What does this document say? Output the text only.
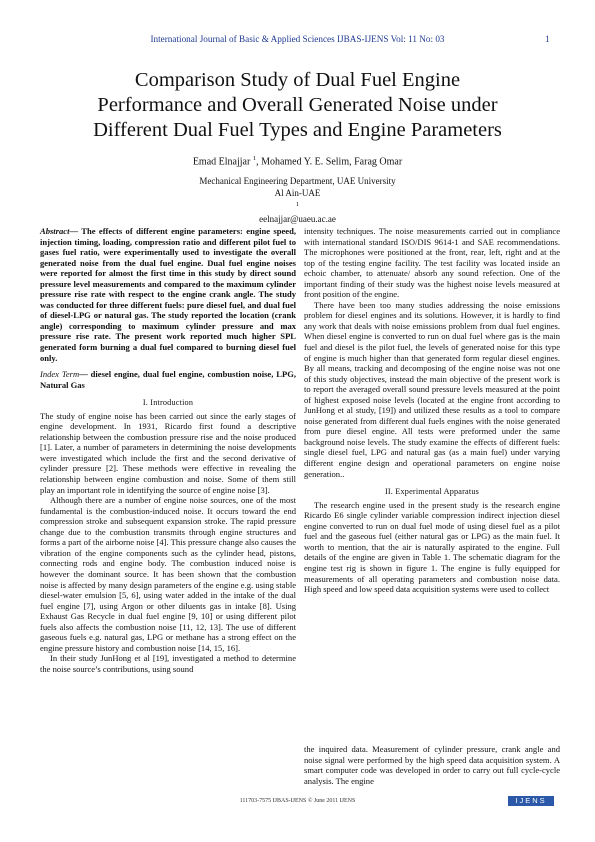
International Journal of Basic & Applied Sciences IJBAS-IJENS Vol: 11 No: 03	1
Comparison Study of Dual Fuel Engine
Performance and Overall Generated Noise under
Different Dual Fuel Types and Engine Parameters
Emad Elnajjar $^1$, Mohamed Y. E. Selim, Farag Omar
Mechanical Engineering Department, UAE University
Al Ain-UAE
$^1$
eelnajjar@uaeu.ac.ae

Abstract— The effects of different engine parameters: engine speed, injection timing, loading, compression ratio and different pilot fuel to gases fuel ratio, were experimentally used to investigate the overall generated noise from the dual fuel engine. Dual fuel engine noises were reported for almost the first time in this study by direct sound pressure level measurements and compared to the maximum cylinder pressure rise rate with respect to the engine crank angle. The study was conducted for three different fuels: pure diesel fuel, and dual fuel of diesel-LPG or natural gas. The study reported the location (crank angle) corresponding to maximum cylinder pressure and max pressure rise rate. The present work reported much higher SPL generated form burning a dual fuel compared to burning diesel fuel only.

Index Term— diesel engine, dual fuel engine, combustion noise, LPG, Natural Gas

I. Introduction

The study of engine noise has been carried out since the early stages of engine development. In 1931, Ricardo first found a descriptive relationship between the combustion pressure rise and the noise produced [1]. Later, a number of parameters in determining the noise developments were investigated which include the first and the second derivative of cylinder pressure [2]. These methods were effective in revealing the relationship between engine combustion and noise. Some of them still play an important role in identifying the source of engine noise [3].

Although there are a number of engine noise sources, one of the most fundamental is the combustion-induced noise. It occurs toward the end compression stroke and subsequent expansion stroke. The rapid pressure change due to the combustion transmits through engine structures and forms a part of the airborne noise [4]. This pressure change also causes the vibration of the engine components such as the cylinder head, pistons, connecting rods and engine body. The combustion induced noise is however the dominant source. It has been shown that the combustion noise is affected by many design parameters of the engine e.g. using stable diesel-water emulsion [5, 6], using water added in the intake of the dual fuel engine [7], using Argon or other diluents gas in intake [8]. Using Exhaust Gas Recycle in dual fuel engine [9, 10] or using different pilot fuels also affects the combustion noise [11, 12, 13]. The use of different gaseous fuels e.g. natural gas, LPG or methane has a strong effect on the engine pressure history and combustion noise [14, 15, 16].

In their study JunHong et al [19], investigated a method to determine the noise source’s contributions, using sound

intensity techniques. The noise measurements carried out in compliance with international standard ISO/DIS 9614-1 and SAE recommendations. The microphones were positioned at the front, rear, left, right and at the top of the testing engine facility. The test facility was located inside an echoic chamber, to attenuate/ absorb any sound refection. One of the important finding of their study was the highest noise levels measured at front position of the engine.

There have been too many studies addressing the noise emissions problem for diesel engines and its solutions. However, it is hardly to find any work that deals with noise emissions problem from dual fuel engines. When diesel engine is converted to run on dual fuel where gas is the main fuel and diesel is the pilot fuel, the levels of generated noise for this type of engine is much higher than that generated form regular diesel engines. By all means, tracking and decomposing of the engine noise was not one of this study objectives, instead the main objective of the present work is to report the averaged overall sound pressure levels measured at the point of highest exposed noise levels (located at the engine front according to JunHong et al study, [19]) and utilized these results as a tool to compare noise generated from different dual fuels engines with the noise generated from pure diesel engine. All tests were preformed under the same background noise levels. The study examine the effects of different fuels: single diesel fuel, LPG and natural gas (as a main fuel) under varying different engine design and operational parameters on engine noise generation..

II. Experimental Apparatus

The research engine used in the present study is the research engine Ricardo E6 single cylinder variable compression indirect injection diesel engine converted to run on dual fuel mode of using diesel fuel as a pilot fuel and the gaseous fuel (either natural gas or LPG) as the main fuel. It worth to mention, that the air is naturally aspirated to the engine. Full details of the engine are given in Table 1. The schematic diagram for the engine test rig is shown in figure 1. The engine is fully equipped for measurements of all operating parameters and combustion noise data. High speed and low speed data acquisition systems were used to collect

the inquired data. Measurement of cylinder pressure, crank angle and noise signal were performed by the high speed data acquisition system. A smart computer code was developed in order to carry out full cycle-cycle analysis. The engine

111703-7575 IJBAS-IJENS © June 2011 IJENS	IJENS
